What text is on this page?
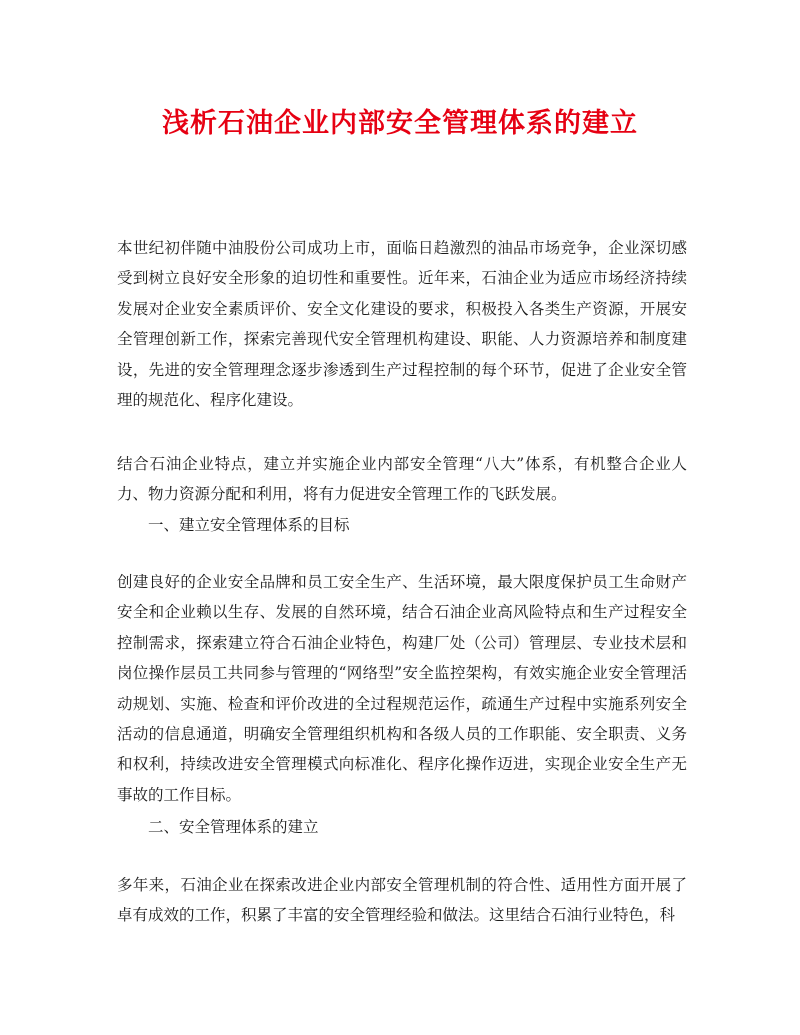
浅析石油企业内部安全管理体系的建立

本世纪初伴随中油股份公司成功上市，面临日趋激烈的油品市场竞争，企业深切感受到树立良好安全形象的迫切性和重要性。近年来，石油企业为适应市场经济持续发展对企业安全素质评价、安全文化建设的要求，积极投入各类生产资源，开展安全管理创新工作，探索完善现代安全管理机构建设、职能、人力资源培养和制度建设，先进的安全管理理念逐步渗透到生产过程控制的每个环节，促进了企业安全管理的规范化、程序化建设。

结合石油企业特点，建立并实施企业内部安全管理“八大”体系，有机整合企业人力、物力资源分配和利用，将有力促进安全管理工作的飞跃发展。

一、建立安全管理体系的目标

创建良好的企业安全品牌和员工安全生产、生活环境，最大限度保护员工生命财产安全和企业赖以生存、发展的自然环境，结合石油企业高风险特点和生产过程安全控制需求，探索建立符合石油企业特色，构建厂处（公司）管理层、专业技术层和岗位操作层员工共同参与管理的“网络型”安全监控架构，有效实施企业安全管理活动规划、实施、检查和评价改进的全过程规范运作，疏通生产过程中实施系列安全活动的信息通道，明确安全管理组织机构和各级人员的工作职能、安全职责、义务和权利，持续改进安全管理模式向标准化、程序化操作迈进，实现企业安全生产无事故的工作目标。

二、安全管理体系的建立

多年来，石油企业在探索改进企业内部安全管理机制的符合性、适用性方面开展了卓有成效的工作，积累了丰富的安全管理经验和做法。这里结合石油行业特色，科
